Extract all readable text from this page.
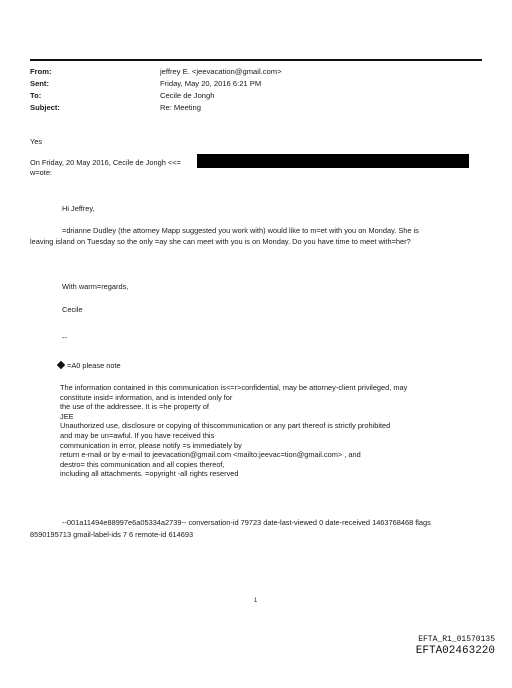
From:	jeffrey E. <jeevacation@gmail.com>
Sent:	Friday, May 20, 2016 6:21 PM
To:	Cecile de Jongh
Subject:	Re: Meeting
Yes
On Friday, 20 May 2016, Cecile de Jongh <<=
w=ote:
Hi Jeffrey,
=drianne Dudley (the attorney Mapp suggested you work with) would like to m=et with you on Monday. She is
leaving island on Tuesday so the only =ay she can meet with you is on Monday. Do you have time to meet with=her?
With warm=regards,
Cecile
--
=A0 please note
The information contained in this communication is<=r>confidential, may be attorney-client privileged, may
constitute insid= information, and is intended only for
the use of the addressee. It is =he property of
JEE
Unauthorized use, disclosure or copying of thiscommunication or any part thereof is strictly prohibited
and may be un=awful. If you have received this
communication in error, please notify =s immediately by
return e-mail or by e-mail to jeevacation@gmail.com <mailto:jeevac=tion@gmail.com> , and
destro= this communication and all copies thereof,
including all attachments. =opyright -all rights reserved
--001a11494e88997e6a05334a2739-- conversation-id 79723 date-last-viewed 0 date-received 1463768468 flags
8590195713 gmail-label-ids 7 6 remote-id 614693
1
EFTA_R1_01570135
EFTA02463220
